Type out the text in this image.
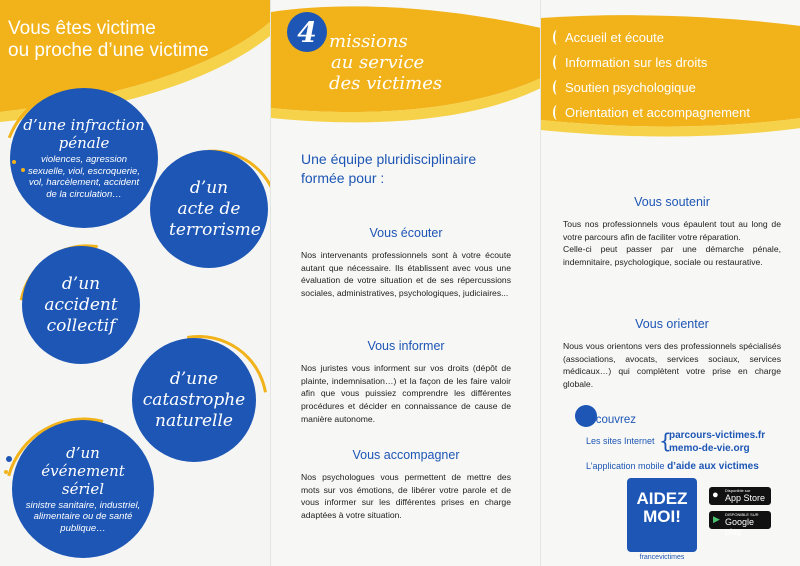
Vous êtes victime
ou proche d’une victime
d’une infraction pénale
violences, agression sexuelle, viol, escroquerie, vol, harcèlement, accident de la circulation…	d’un acte de terrorisme
d’un accident collectif
d’une catastrophe naturelle
d’un événement sériel
sinistre sanitaire, industriel, alimentaire ou de santé publique…
4 missions
au service
des victimes
Une équipe pluridisciplinaire
formée pour :

Vous écouter

Nos intervenants professionnels sont à votre écoute autant que nécessaire. Ils établissent avec vous une évaluation de votre situation et de ses répercussions sociales, administratives, psychologiques, judiciaires...

Vous informer

Nos juristes vous informent sur vos droits (dépôt de plainte, indemnisation…) et la façon de les faire valoir afin que vous puissiez comprendre les différentes procédures et décider en connaissance de cause de manière autonome.

Vous accompagner

Nos psychologues vous permettent de mettre des mots sur vos émotions, de libérer votre parole et de vous informer sur les différentes prises en charge adaptées à votre situation.

Accueil et écoute
Information sur les droits
Soutien psychologique
Orientation et accompagnement

Vous soutenir

Tous nos professionnels vous épaulent tout au long de votre parcours afin de faciliter votre réparation.

Celle-ci peut passer par une démarche pénale, indemnitaire, psychologique, sociale ou restaurative.

Vous orienter

Nous vous orientons vers des professionnels spécialisés (associations, avocats, services sociaux, services médicaux…) qui complètent votre prise en charge globale.

Découvrez
Les sites Internet {
parcours-victimes.fr
memo-de-vie.org
L’application mobile d’aide aux victimes
AIDEZ
MOI!
francevictimes
● Disponible sur
App Store
▶ DISPONIBLE SUR
Google play
